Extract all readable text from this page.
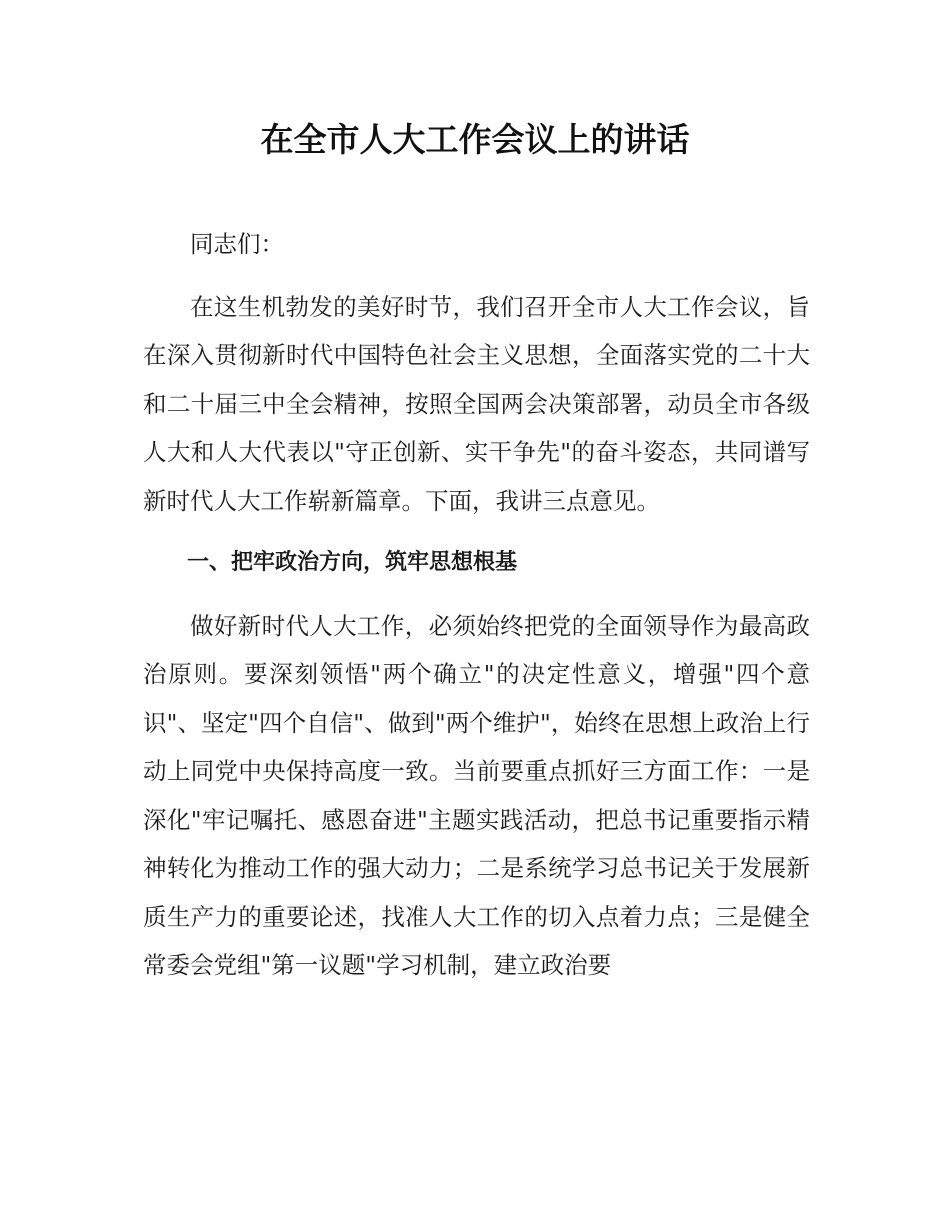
在全市人大工作会议上的讲话

同志们：

在这生机勃发的美好时节，我们召开全市人大工作会议，旨在深入贯彻新时代中国特色社会主义思想，全面落实党的二十大和二十届三中全会精神，按照全国两会决策部署，动员全市各级人大和人大代表以"守正创新、实干争先"的奋斗姿态，共同谱写新时代人大工作崭新篇章。下面，我讲三点意见。

一、把牢政治方向，筑牢思想根基

做好新时代人大工作，必须始终把党的全面领导作为最高政治原则。要深刻领悟"两个确立"的决定性意义，增强"四个意识"、坚定"四个自信"、做到"两个维护"，始终在思想上政治上行动上同党中央保持高度一致。当前要重点抓好三方面工作：一是深化"牢记嘱托、感恩奋进"主题实践活动，把总书记重要指示精神转化为推动工作的强大动力；二是系统学习总书记关于发展新质生产力的重要论述，找准人大工作的切入点着力点；三是健全常委会党组"第一议题"学习机制，建立政治要
